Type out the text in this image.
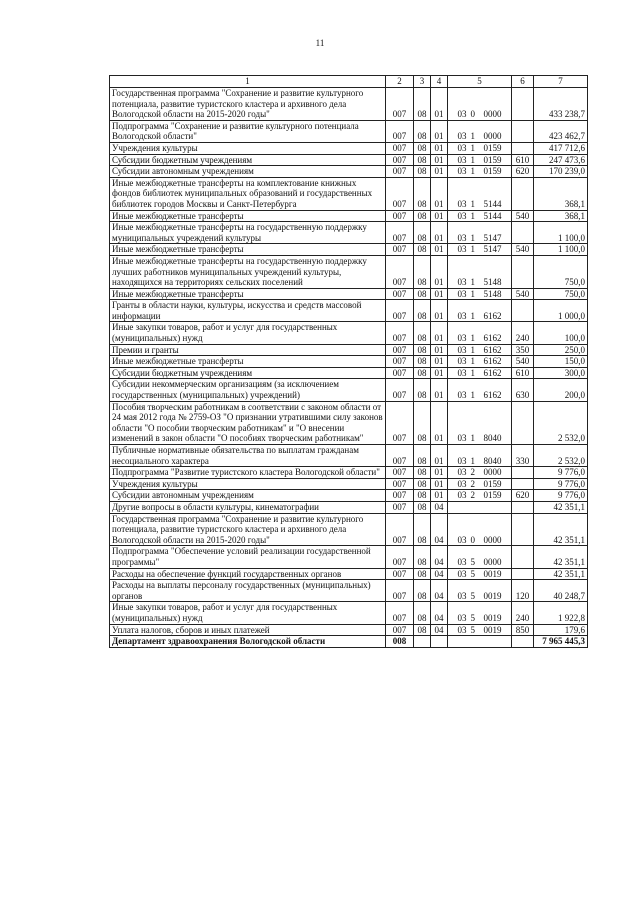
11
1	2	3	4	5	6	7
Государственная программа "Сохранение и развитие культурного потенциала, развитие туристского кластера и архивного дела Вологодской области на 2015-2020 годы"	007	08	01	03 0 0000		433 238,7
Подпрограмма "Сохранение и развитие культурного потенциала Вологодской области"	007	08	01	03 1 0000		423 462,7
Учреждения культуры	007	08	01	03 1 0159		417 712,6
Субсидии бюджетным учреждениям	007	08	01	03 1 0159	610	247 473,6
Субсидии автономным учреждениям	007	08	01	03 1 0159	620	170 239,0
Иные межбюджетные трансферты на комплектование книжных фондов библиотек муниципальных образований и государственных библиотек городов Москвы и Санкт-Петербурга	007	08	01	03 1 5144		368,1
Иные межбюджетные трансферты	007	08	01	03 1 5144	540	368,1
Иные межбюджетные трансферты на государственную поддержку муниципальных учреждений культуры	007	08	01	03 1 5147		1 100,0
Иные межбюджетные трансферты	007	08	01	03 1 5147	540	1 100,0
Иные межбюджетные трансферты на государственную поддержку лучших работников муниципальных учреждений культуры, находящихся на территориях сельских поселений	007	08	01	03 1 5148		750,0
Иные межбюджетные трансферты	007	08	01	03 1 5148	540	750,0
Гранты в области науки, культуры, искусства и средств массовой информации	007	08	01	03 1 6162		1 000,0
Иные закупки товаров, работ и услуг для государственных (муниципальных) нужд	007	08	01	03 1 6162	240	100,0
Премии и гранты	007	08	01	03 1 6162	350	250,0
Иные межбюджетные трансферты	007	08	01	03 1 6162	540	150,0
Субсидии бюджетным учреждениям	007	08	01	03 1 6162	610	300,0
Субсидии некоммерческим организациям (за исключением государственных (муниципальных) учреждений)	007	08	01	03 1 6162	630	200,0
Пособия творческим работникам в соответствии с законом области от 24 мая 2012 года № 2759-ОЗ "О признании утратившими силу законов области "О пособии творческим работникам" и "О внесении изменений в закон области "О пособиях творческим работникам"	007	08	01	03 1 8040		2 532,0
Публичные нормативные обязательства по выплатам гражданам несоциального характера	007	08	01	03 1 8040	330	2 532,0
Подпрограмма "Развитие туристского кластера Вологодской области"	007	08	01	03 2 0000		9 776,0
Учреждения культуры	007	08	01	03 2 0159		9 776,0
Субсидии автономным учреждениям	007	08	01	03 2 0159	620	9 776,0
Другие вопросы в области культуры, кинематографии	007	08	04			42 351,1
Государственная программа "Сохранение и развитие культурного потенциала, развитие туристского кластера и архивного дела Вологодской области на 2015-2020 годы"	007	08	04	03 0 0000		42 351,1
Подпрограмма "Обеспечение условий реализации государственной программы"	007	08	04	03 5 0000		42 351,1
Расходы на обеспечение функций государственных органов	007	08	04	03 5 0019		42 351,1
Расходы на выплаты персоналу государственных (муниципальных) органов	007	08	04	03 5 0019	120	40 248,7
Иные закупки товаров, работ и услуг для государственных (муниципальных) нужд	007	08	04	03 5 0019	240	1 922,8
Уплата налогов, сборов и иных платежей	007	08	04	03 5 0019	850	179,6
Департамент здравоохранения Вологодской области	008					7 965 445,3
